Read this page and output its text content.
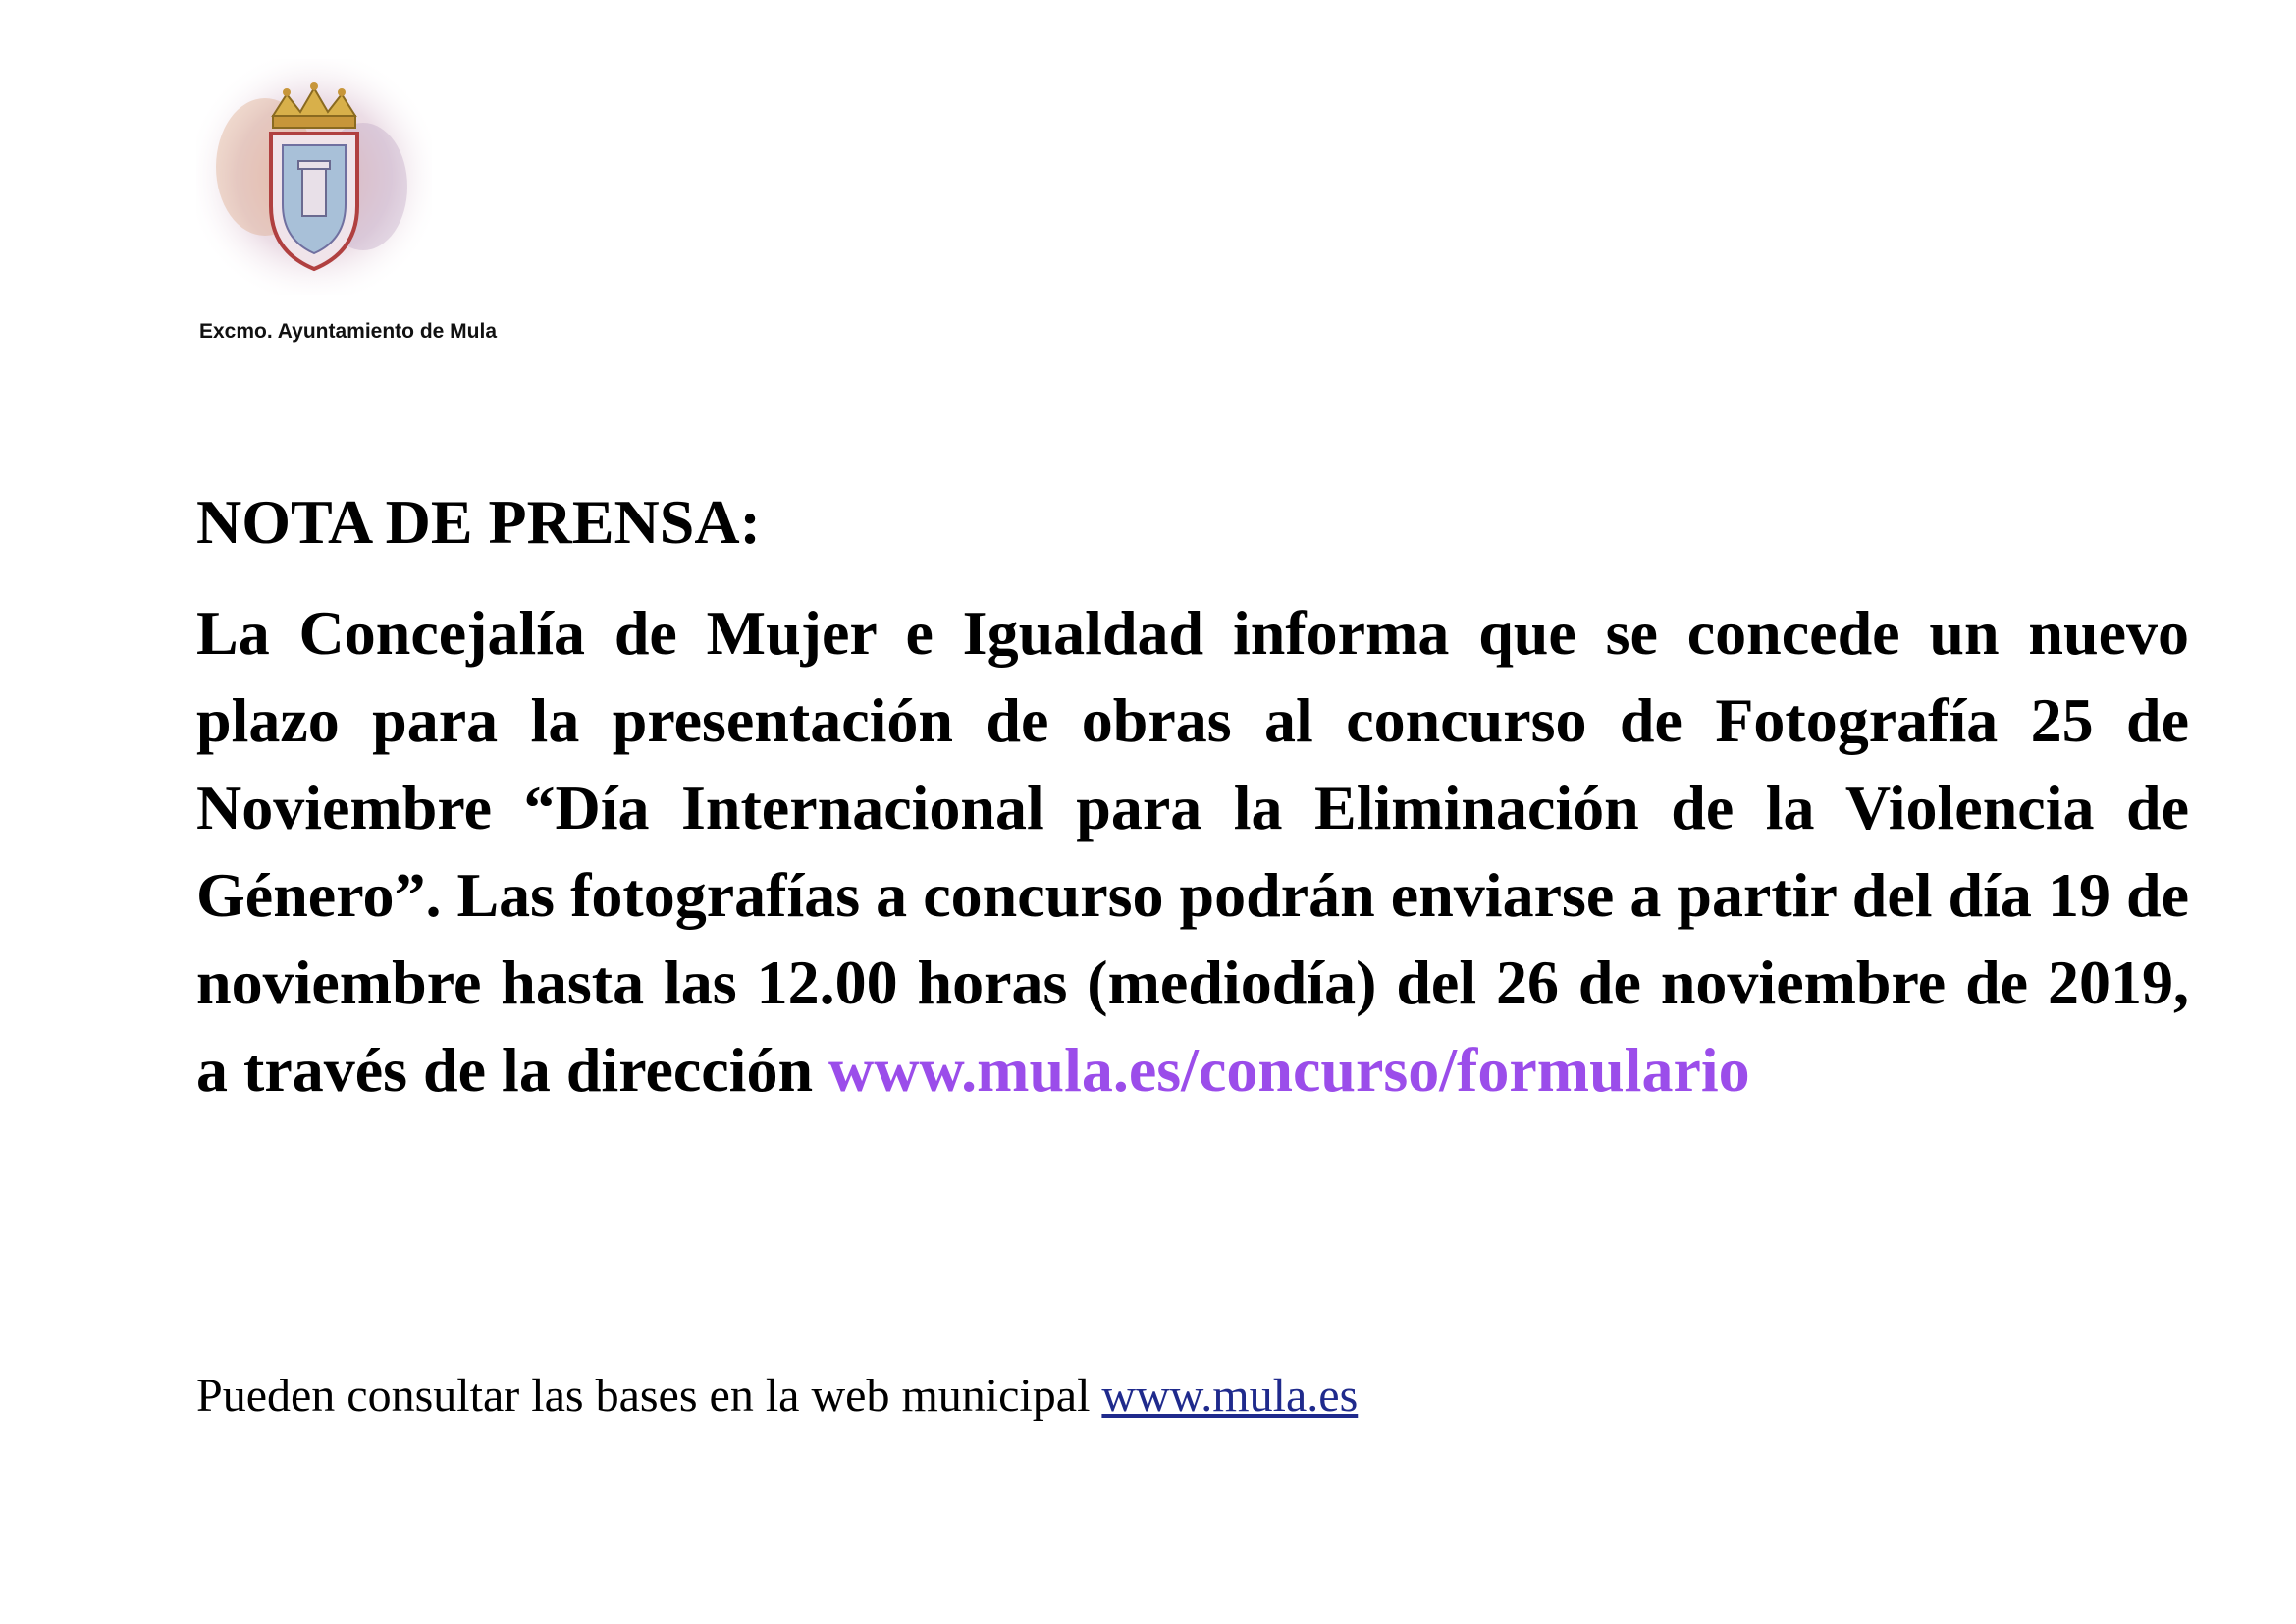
Excmo. Ayuntamiento de Mula
NOTA DE PRENSA:
La Concejalía de Mujer e Igualdad informa que se concede un nuevo plazo para la presentación de obras al concurso de Fotografía 25 de Noviembre “Día Internacional para la Eliminación de la Violencia de Género”. Las fotografías a concurso podrán enviarse a partir del día 19 de noviembre hasta las 12.00 horas (mediodía) del 26 de noviembre de 2019, a través de la dirección www.mula.es/concurso/formulario
Pueden consultar las bases en la web municipal www.mula.es
